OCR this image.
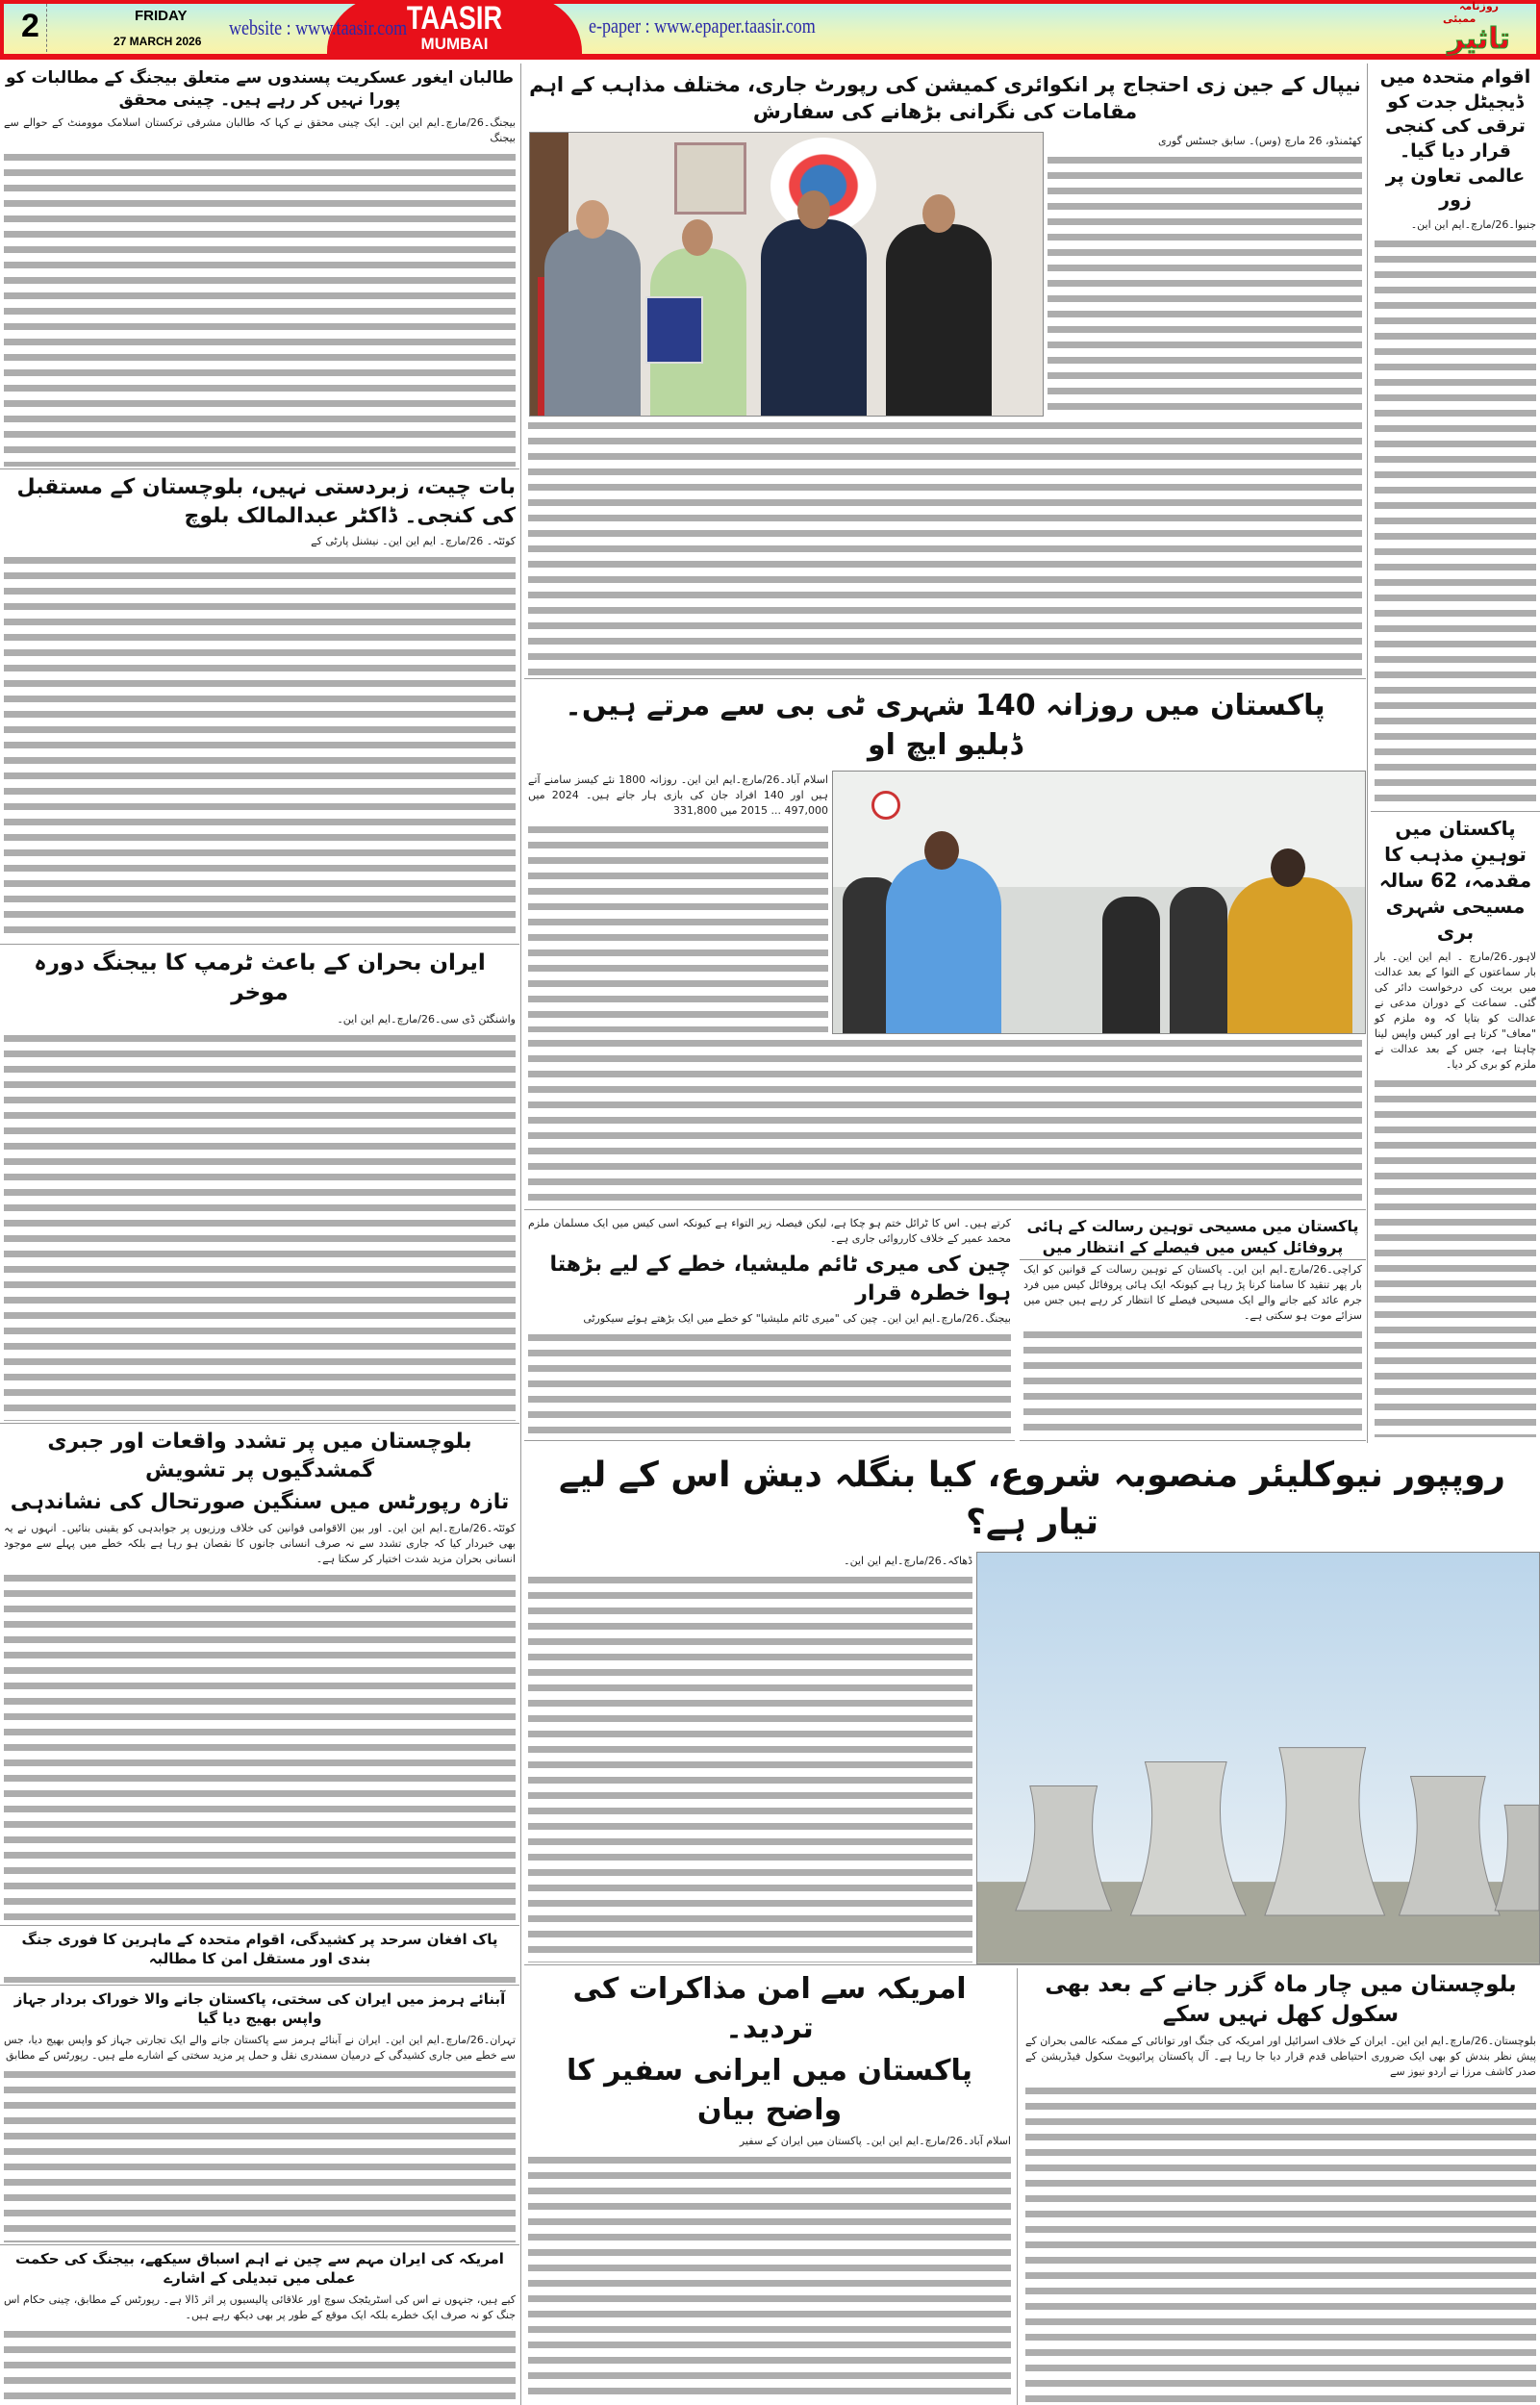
2	FRIDAY
27 MARCH 2026
website : www.taasir.com TAASIR
MUMBAI
e-paper : www.epaper.taasir.com
روزنامہ
ممبئی
تاثیر
طالبان ایغور عسکریت پسندوں سے متعلق بیجنگ کے مطالبات کو پورا نہیں کر رہے ہیں۔ چینی محقق
بیجنگ۔26/مارچ۔ایم این این۔ ایک چینی محقق نے کہا کہ طالبان مشرقی ترکستان اسلامک موومنٹ کے حوالے سے بیجنگ
بات چیت، زبردستی نہیں، بلوچستان کے مستقبل کی کنجی۔ ڈاکٹر عبدالمالک بلوچ
کوئٹہ۔ 26/مارچ۔ ایم این این۔ نیشنل پارٹی کے
ایران بحران کے باعث ٹرمپ کا بیجنگ دورہ موخر
واشنگٹن ڈی سی۔26/مارچ۔ایم این این۔
بلوچستان میں پر تشدد واقعات اور جبری گمشدگیوں پر تشویش
تازہ رپورٹس میں سنگین صورتحال کی نشاندہی
کوئٹہ۔26/مارچ۔ایم این این۔ اور بین الاقوامی قوانین کی خلاف ورزیوں پر جوابدہی کو یقینی بنائیں۔ انہوں نے یہ بھی خبردار کیا کہ جاری تشدد سے نہ صرف انسانی جانوں کا نقصان ہو رہا ہے بلکہ خطے میں پہلے سے موجود انسانی بحران مزید شدت اختیار کر سکتا ہے۔
پاک افغان سرحد پر کشیدگی، اقوام متحدہ کے ماہرین کا فوری جنگ بندی اور مستقل امن کا مطالبہ
آبنائے ہرمز میں ایران کی سختی، پاکستان جانے والا خوراک بردار جہاز واپس بھیج دیا گیا
تہران۔26/مارچ۔ایم این این۔ ایران نے آبنائے ہرمز سے پاکستان جانے والے ایک تجارتی جہاز کو واپس بھیج دیا، جس سے خطے میں جاری کشیدگی کے درمیان سمندری نقل و حمل پر مزید سختی کے اشارے ملے ہیں۔ رپورٹس کے مطابق
امریکہ کی ایران مہم سے چین نے اہم اسباق سیکھے، بیجنگ کی حکمت عملی میں تبدیلی کے اشارے
کیے ہیں، جنہوں نے اس کی اسٹریٹجک سوچ اور علاقائی پالیسیوں پر اثر ڈالا ہے۔ رپورٹس کے مطابق، چینی حکام اس جنگ کو نہ صرف ایک خطرے بلکہ ایک موقع کے طور پر بھی دیکھ رہے ہیں۔
نیپال کے جین زی احتجاج پر انکوائری کمیشن کی رپورٹ جاری، مختلف مذاہب کے اہم مقامات کی نگرانی بڑھانے کی سفارش
کھٹمنڈو، 26 مارچ (وس)۔ سابق جسٹس گوری
اقوام متحدہ میں ڈیجیٹل جدت کو ترقی کی کنجی قرار دیا گیا۔ عالمی تعاون پر زور
جنیوا۔26/مارچ۔ایم این این۔
پاکستان میں توہینِ مذہب کا مقدمہ، 62 سالہ مسیحی شہری بری
لاہور۔26/مارچ ۔ ایم این این۔ بار بار سماعتوں کے التوا کے بعد عدالت میں بریت کی درخواست دائر کی گئی۔ سماعت کے دوران مدعی نے عدالت کو بتایا کہ وہ ملزم کو "معاف" کرتا ہے اور کیس واپس لینا چاہتا ہے، جس کے بعد عدالت نے ملزم کو بری کر دیا۔
پاکستان میں روزانہ 140 شہری ٹی بی سے مرتے ہیں۔ ڈبلیو ایچ او
اسلام آباد۔26/مارچ۔ایم این این۔ روزانہ 1800 نئے کیسز سامنے آتے ہیں اور 140 افراد جان کی بازی ہار جاتے ہیں۔ 2024 میں 497,000 ... 2015 میں 331,800
کرتے ہیں۔ اس کا ٹرائل ختم ہو چکا ہے، لیکن فیصلہ زیر التواء ہے کیونکہ اسی کیس میں ایک مسلمان ملزم محمد عمیر کے خلاف کارروائی جاری ہے۔
چین کی میری ٹائم ملیشیا، خطے کے لیے بڑھتا ہوا خطرہ قرار
بیجنگ۔26/مارچ۔ایم این این۔ چین کی "میری ٹائم ملیشیا" کو خطے میں ایک بڑھتے ہوئے سیکورٹی
پاکستان میں مسیحی توہین رسالت کے ہائی پروفائل کیس میں فیصلے کے انتظار میں
کراچی۔26/مارچ۔ایم این این۔ پاکستان کے توہین رسالت کے قوانین کو ایک بار پھر تنقید کا سامنا کرنا پڑ رہا ہے کیونکہ ایک ہائی پروفائل کیس میں فرد جرم عائد کیے جانے والے ایک مسیحی فیصلے کا انتظار کر رہے ہیں جس میں سزائے موت ہو سکتی ہے۔
روپپور نیوکلیئر منصوبہ شروع، کیا بنگلہ دیش اس کے لیے تیار ہے؟
ڈھاکہ۔26/مارچ۔ایم این این۔
امریکہ سے امن مذاکرات کی تردید۔
پاکستان میں ایرانی سفیر کا واضح بیان
اسلام آباد۔26/مارچ۔ایم این این۔ پاکستان میں ایران کے سفیر
بلوچستان میں چار ماہ گزر جانے کے بعد بھی سکول کھل نہیں سکے
بلوچستان۔26/مارچ۔ایم این این۔ ایران کے خلاف اسرائیل اور امریکہ کی جنگ اور توانائی کے ممکنہ عالمی بحران کے پیش نظر بندش کو بھی ایک ضروری احتیاطی قدم قرار دیا جا رہا ہے۔ آل پاکستان پرائیویٹ سکول فیڈریشن کے صدر کاشف مرزا نے اردو نیوز سے
